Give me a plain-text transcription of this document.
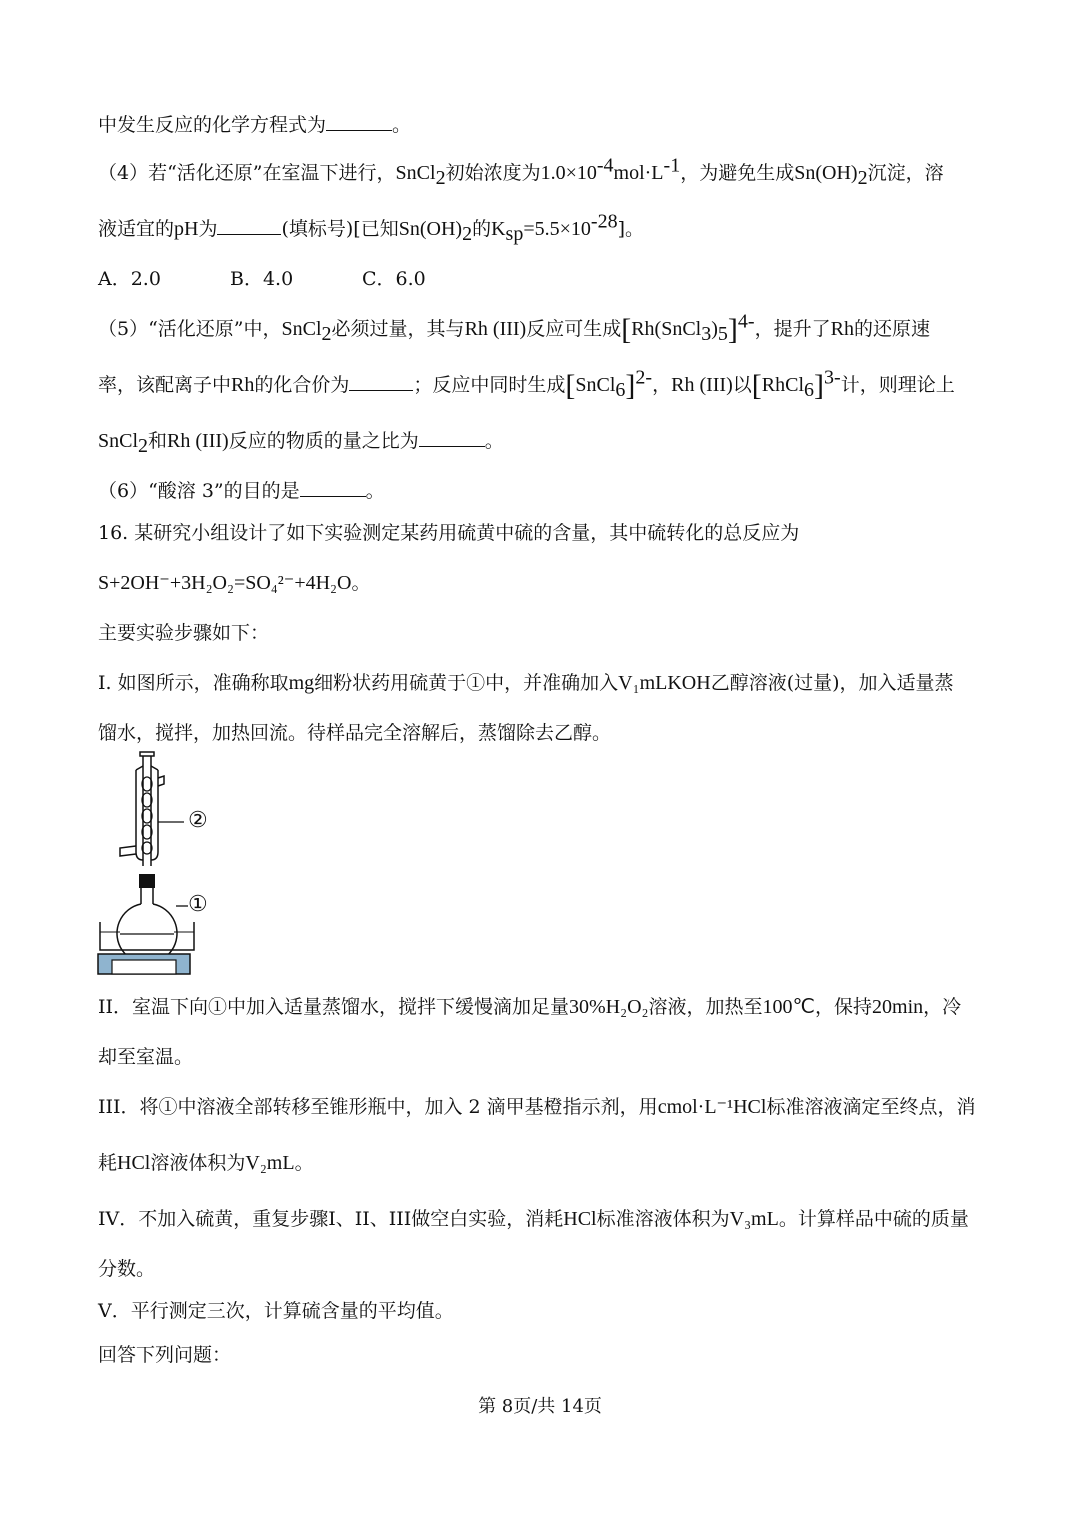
中发生反应的化学方程式为	。
（4）若“活化还原”在室温下进行，SnCl$_2$初始浓度为$1.0\times 10^{-4}mol\cdot L^{-1}$，为避免生成$Sn(OH)_2$沉淀，溶
液适宜的pH为	(填标号)[已知$Sn(OH)_2$的$K_{sp}=5.5\times 10^{-28}$]。
A．2.0	B．4.0	C．6.0
（5）“活化还原”中，SnCl$_2$必须过量，其与Rh (III)反应可生成$[Rh(SnCl_3)_5]^{4-}$，提升了Rh的还原速
率，该配离子中Rh的化合价为	；反应中同时生成[SnCl$_6$]$^{2-}$，Rh (III)以[RhCl$_6$]$^{3-}$计，则理论上
SnCl$_2$和Rh (III)反应的物质的量之比为	。
（6）“酸溶 3”的目的是	。
16. 某研究小组设计了如下实验测定某药用硫黄中硫的含量，其中硫转化的总反应为
S+2OH⁻+3H₂O₂=SO₄²⁻+4H₂O。
主要实验步骤如下：
I. 如图所示，准确称取mg细粉状药用硫黄于①中，并准确加入V₁mLKOH乙醇溶液(过量)，加入适量蒸
馏水，搅拌，加热回流。待样品完全溶解后，蒸馏除去乙醇。
②
①
II．室温下向①中加入适量蒸馏水，搅拌下缓慢滴加足量30%H₂O₂溶液，加热至100℃，保持20min，冷
却至室温。
III．将①中溶液全部转移至锥形瓶中，加入 2 滴甲基橙指示剂，用cmol·L⁻¹HCl标准溶液滴定至终点，消
耗HCl溶液体积为V₂mL。
IV．不加入硫黄，重复步骤I、II、III做空白实验，消耗HCl标准溶液体积为V₃mL。计算样品中硫的质量
分数。
V．平行测定三次，计算硫含量的平均值。
回答下列问题：
第 8页/共 14页
